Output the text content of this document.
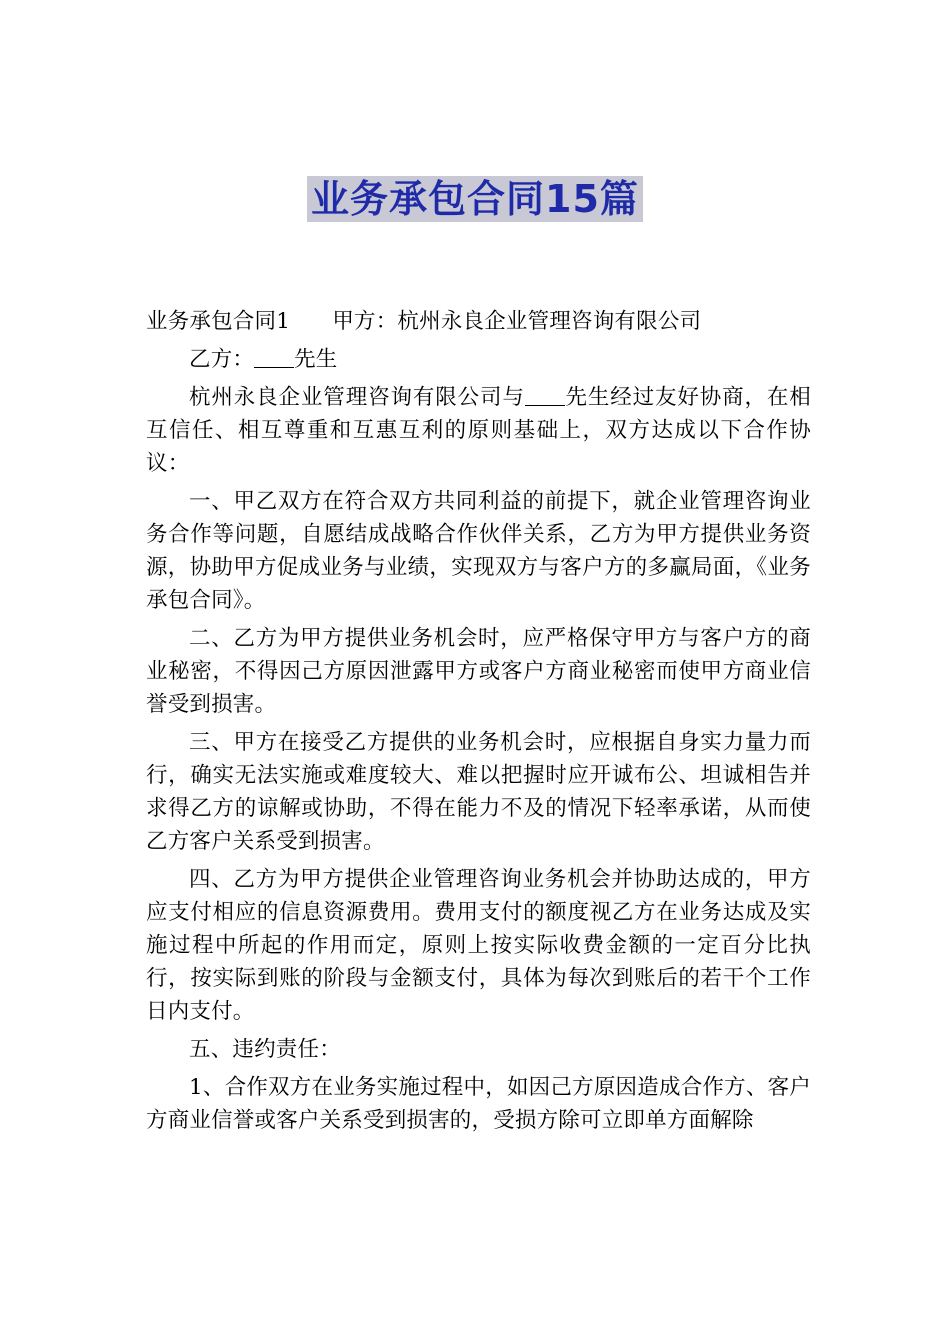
业务承包合同15篇

业务承包合同1 甲方：杭州永良企业管理咨询有限公司

乙方： 先生

杭州永良企业管理咨询有限公司与 先生经过友好协商，在相互信任、相互尊重和互惠互利的原则基础上，双方达成以下合作协议：

一、甲乙双方在符合双方共同利益的前提下，就企业管理咨询业务合作等问题，自愿结成战略合作伙伴关系，乙方为甲方提供业务资源，协助甲方促成业务与业绩，实现双方与客户方的多赢局面，《业务承包合同》。

二、乙方为甲方提供业务机会时，应严格保守甲方与客户方的商业秘密，不得因己方原因泄露甲方或客户方商业秘密而使甲方商业信誉受到损害。

三、甲方在接受乙方提供的业务机会时，应根据自身实力量力而行，确实无法实施或难度较大、难以把握时应开诚布公、坦诚相告并求得乙方的谅解或协助，不得在能力不及的情况下轻率承诺，从而使乙方客户关系受到损害。

四、乙方为甲方提供企业管理咨询业务机会并协助达成的，甲方应支付相应的信息资源费用。费用支付的额度视乙方在业务达成及实施过程中所起的作用而定，原则上按实际收费金额的一定百分比执行，按实际到账的阶段与金额支付，具体为每次到账后的若干个工作日内支付。

五、违约责任：

1、合作双方在业务实施过程中，如因己方原因造成合作方、客户方商业信誉或客户关系受到损害的，受损方除可立即单方面解除
